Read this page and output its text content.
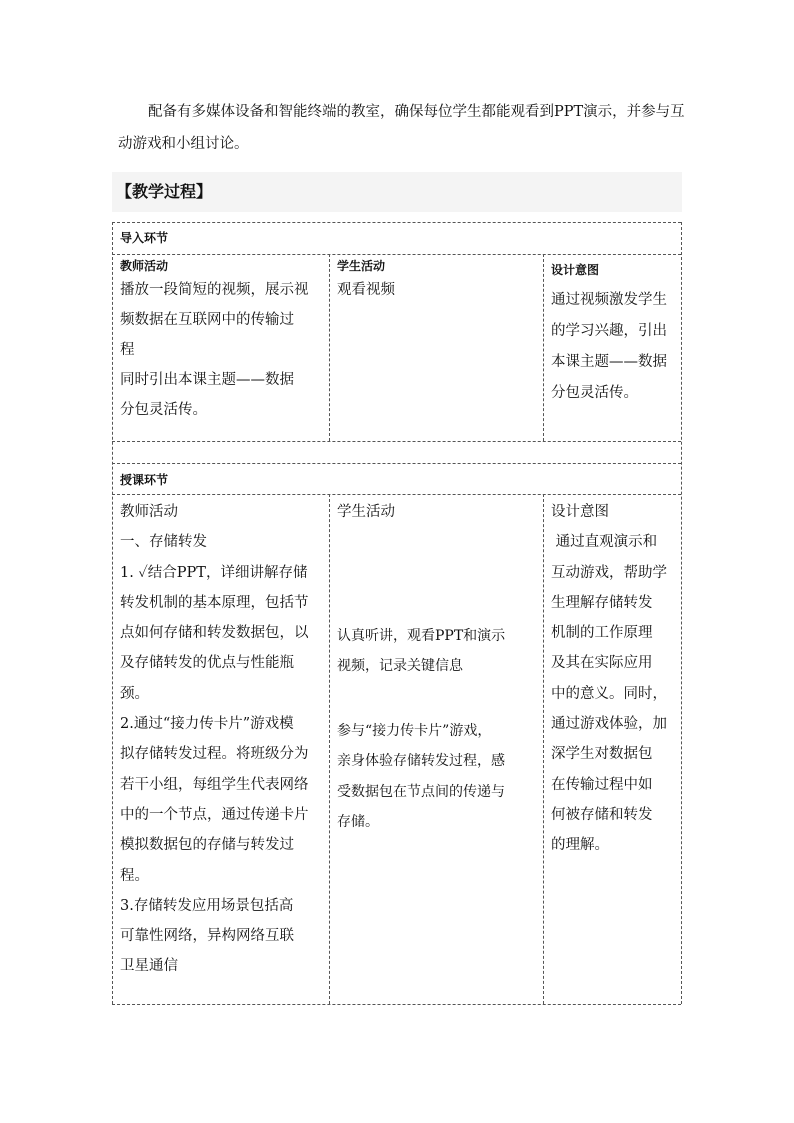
配备有多媒体设备和智能终端的教室，确保每位学生都能观看到PPT演示，并参与互动游戏和小组讨论。

【教学过程】
导入环节
教师活动
播放一段简短的视频，展示视
频数据在互联网中的传输过
程
同时引出本课主题——数据
分包灵活传。
学生活动
观看视频
设计意图
通过视频激发学生
的学习兴趣，引出
本课主题——数据
分包灵活传。
授课环节
教师活动
一、存储转发
1. ✓结合PPT，详细讲解存储
转发机制的基本原理，包括节
点如何存储和转发数据包，以
及存储转发的优点与性能瓶
颈。
2.通过“接力传卡片”游戏模
拟存储转发过程。将班级分为
若干小组，每组学生代表网络
中的一个节点，通过传递卡片
模拟数据包的存储与转发过
程。
3.存储转发应用场景包括高
可靠性网络，异构网络互联
卫星通信
学生活动
认真听讲，观看PPT和演示
视频，记录关键信息
参与“接力传卡片”游戏，
亲身体验存储转发过程，感
受数据包在节点间的传递与
存储。
设计意图
通过直观演示和
互动游戏，帮助学
生理解存储转发
机制的工作原理
及其在实际应用
中的意义。同时，
通过游戏体验，加
深学生对数据包
在传输过程中如
何被存储和转发
的理解。
